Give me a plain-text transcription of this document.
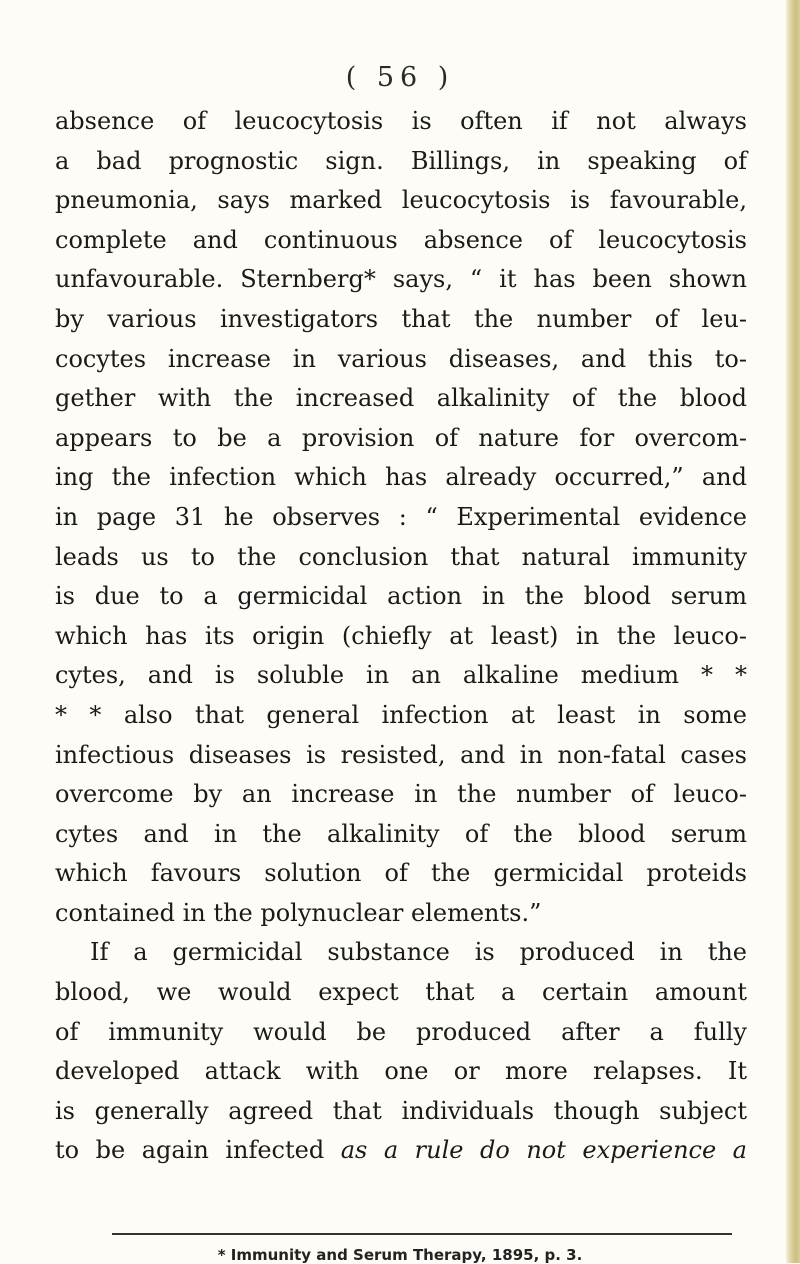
( 56 )
absence of leucocytosis is often if not always
a bad prognostic sign. Billings, in speaking of
pneumonia, says marked leucocytosis is favourable,
complete and continuous absence of leucocytosis
unfavourable. Sternberg* says, “ it has been shown
by various investigators that the number of leu-
cocytes increase in various diseases, and this to-
gether with the increased alkalinity of the blood
appears to be a provision of nature for overcom-
ing the infection which has already occurred,” and
in page 31 he observes : “ Experimental evidence
leads us to the conclusion that natural immunity
is due to a germicidal action in the blood serum
which has its origin (chiefly at least) in the leuco-
cytes, and is soluble in an alkaline medium * *
* * also that general infection at least in some
infectious diseases is resisted, and in non-fatal cases
overcome by an increase in the number of leuco-
cytes and in the alkalinity of the blood serum
which favours solution of the germicidal proteids
contained in the polynuclear elements.”
If a germicidal substance is produced in the
blood, we would expect that a certain amount
of immunity would be produced after a fully
developed attack with one or more relapses. It
is generally agreed that individuals though subject
to be again infected as a rule do not experience a
* Immunity and Serum Therapy, 1895, p. 3.
